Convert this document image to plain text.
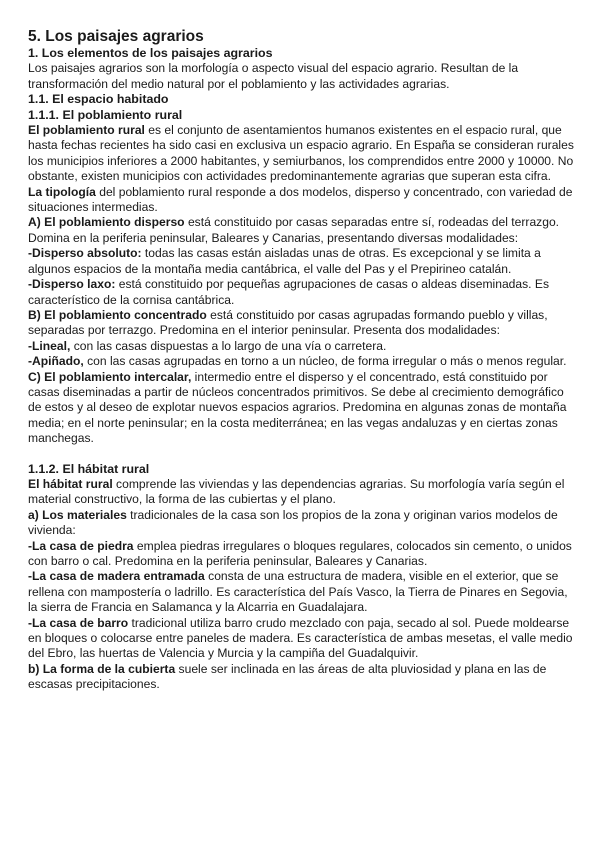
5. Los paisajes agrarios
1. Los elementos de los paisajes agrarios

Los paisajes agrarios son la morfología o aspecto visual del espacio agrario. Resultan de la transformación del medio natural por el poblamiento y las actividades agrarias.

1.1. El espacio habitado
1.1.1. El poblamiento rural

El poblamiento rural es el conjunto de asentamientos humanos existentes en el espacio rural, que hasta fechas recientes ha sido casi en exclusiva un espacio agrario. En España se consideran rurales los municipios inferiores a 2000 habitantes, y semiurbanos, los comprendidos entre 2000 y 10000. No obstante, existen municipios con actividades predominantemente agrarias que superan esta cifra.

La tipología del poblamiento rural responde a dos modelos, disperso y concentrado, con variedad de situaciones intermedias.

A) El poblamiento disperso está constituido por casas separadas entre sí, rodeadas del terrazgo. Domina en la periferia peninsular, Baleares y Canarias, presentando diversas modalidades:

-Disperso absoluto: todas las casas están aisladas unas de otras. Es excepcional y se limita a algunos espacios de la montaña media cantábrica, el valle del Pas y el Prepirineo catalán.

-Disperso laxo: está constituido por pequeñas agrupaciones de casas o aldeas diseminadas. Es característico de la cornisa cantábrica.

B) El poblamiento concentrado está constituido por casas agrupadas formando pueblo y villas, separadas por terrazgo. Predomina en el interior peninsular. Presenta dos modalidades:

-Lineal, con las casas dispuestas a lo largo de una vía o carretera.

-Apiñado, con las casas agrupadas en torno a un núcleo, de forma irregular o más o menos regular.

C) El poblamiento intercalar, intermedio entre el disperso y el concentrado, está constituido por casas diseminadas a partir de núcleos concentrados primitivos. Se debe al crecimiento demográfico de estos y al deseo de explotar nuevos espacios agrarios. Predomina en algunas zonas de montaña media; en el norte peninsular; en la costa mediterránea; en las vegas andaluzas y en ciertas zonas manchegas.

1.1.2. El hábitat rural

El hábitat rural comprende las viviendas y las dependencias agrarias. Su morfología varía según el material constructivo, la forma de las cubiertas y el plano.

a) Los materiales tradicionales de la casa son los propios de la zona y originan varios modelos de vivienda:

-La casa de piedra emplea piedras irregulares o bloques regulares, colocados sin cemento, o unidos con barro o cal. Predomina en la periferia peninsular, Baleares y Canarias.

-La casa de madera entramada consta de una estructura de madera, visible en el exterior, que se rellena con mampostería o ladrillo. Es característica del País Vasco, la Tierra de Pinares en Segovia, la sierra de Francia en Salamanca y la Alcarria en Guadalajara.

-La casa de barro tradicional utiliza barro crudo mezclado con paja, secado al sol. Puede moldearse en bloques o colocarse entre paneles de madera. Es característica de ambas mesetas, el valle medio del Ebro, las huertas de Valencia y Murcia y la campiña del Guadalquivir.

b) La forma de la cubierta suele ser inclinada en las áreas de alta pluviosidad y plana en las de escasas precipitaciones.
